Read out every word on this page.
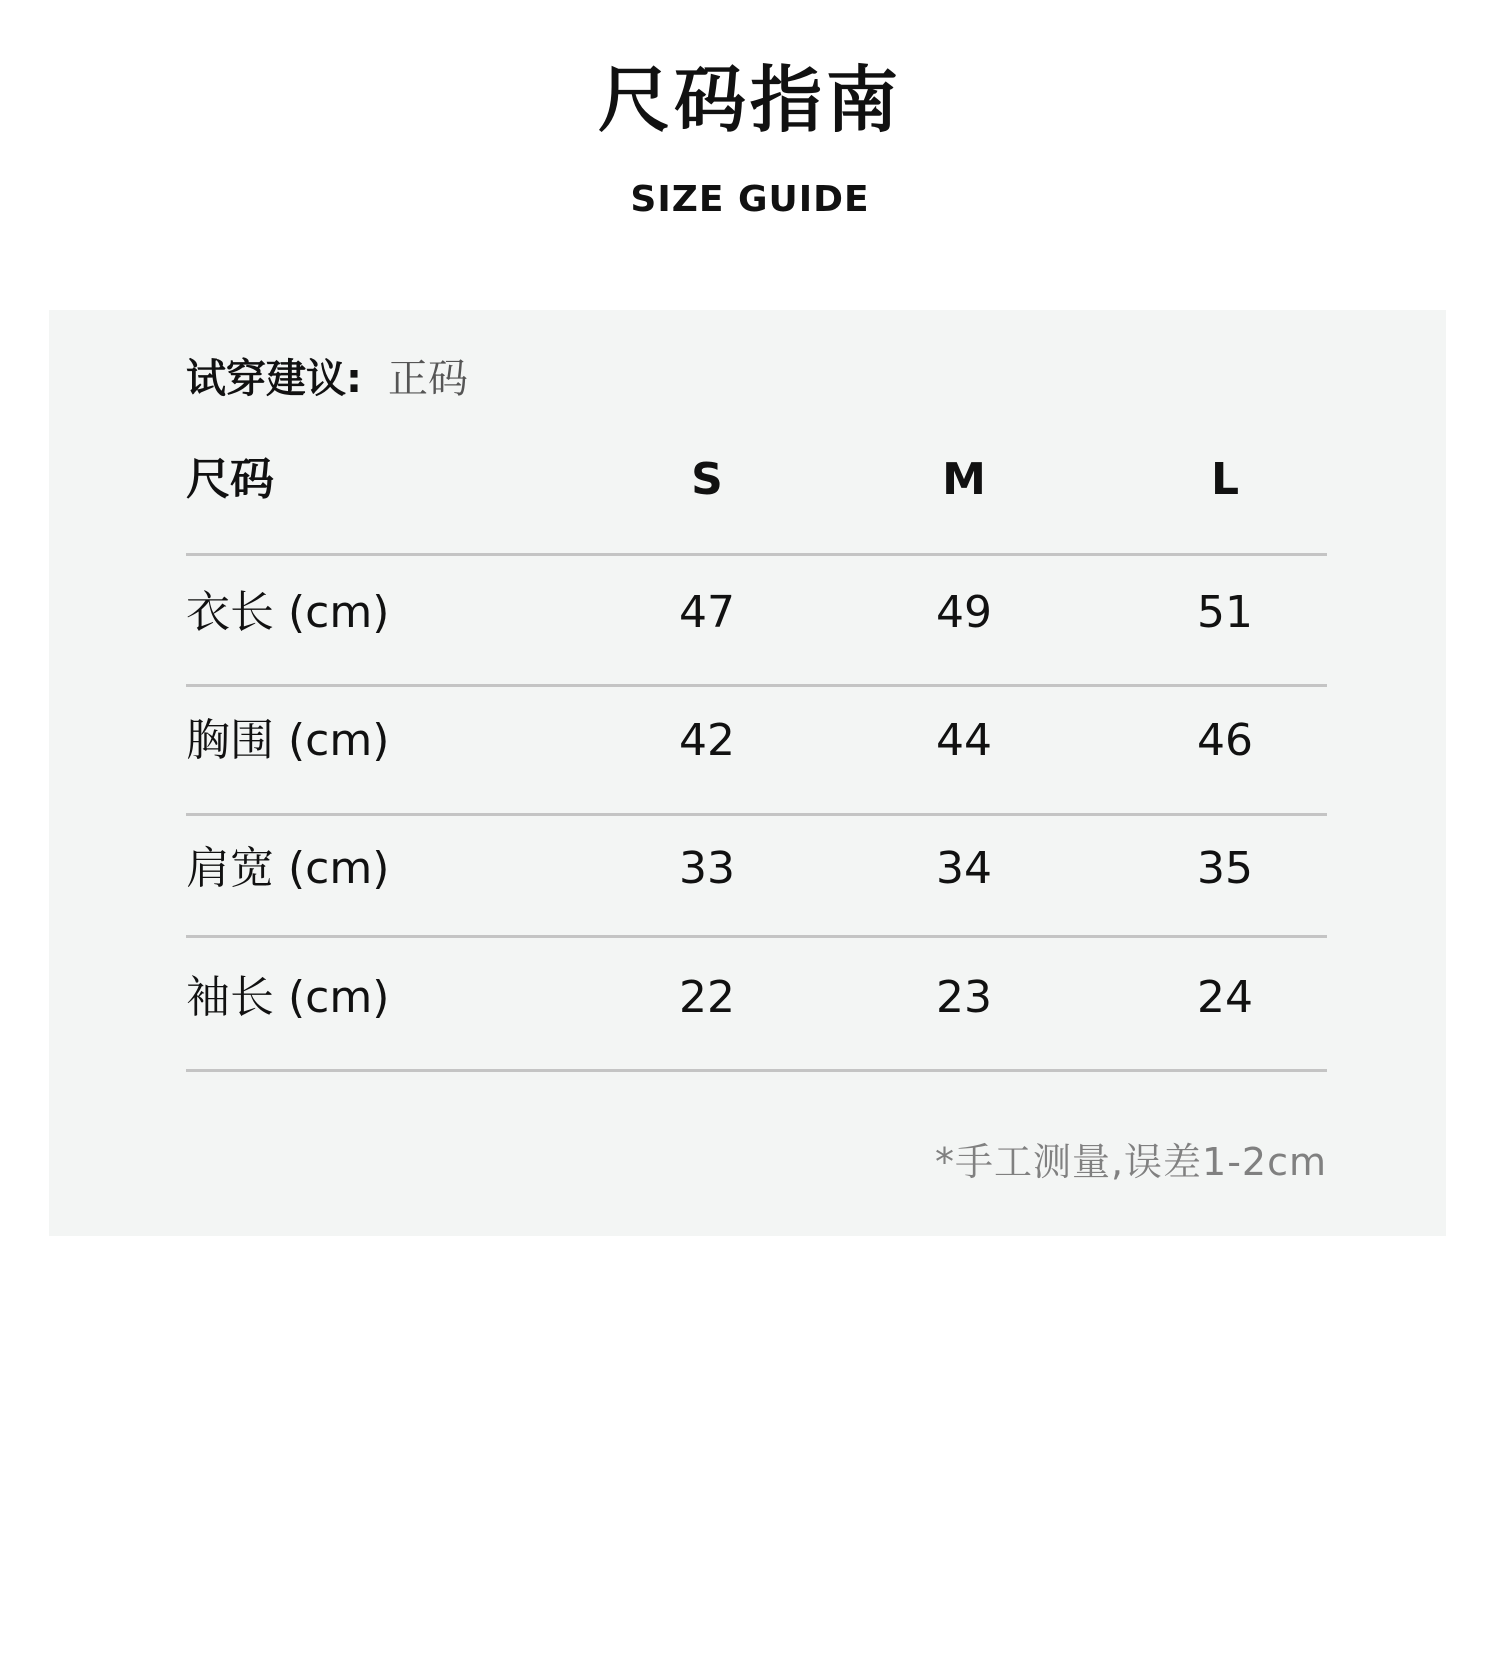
尺码指南
SIZE GUIDE
试穿建议: 正码
尺码	S	M	L
衣长 (cm)	47	49	51
胸围 (cm)	42	44	46
肩宽 (cm)	33	34	35
袖长 (cm)	22	23	24
*手工测量,误差1-2cm
